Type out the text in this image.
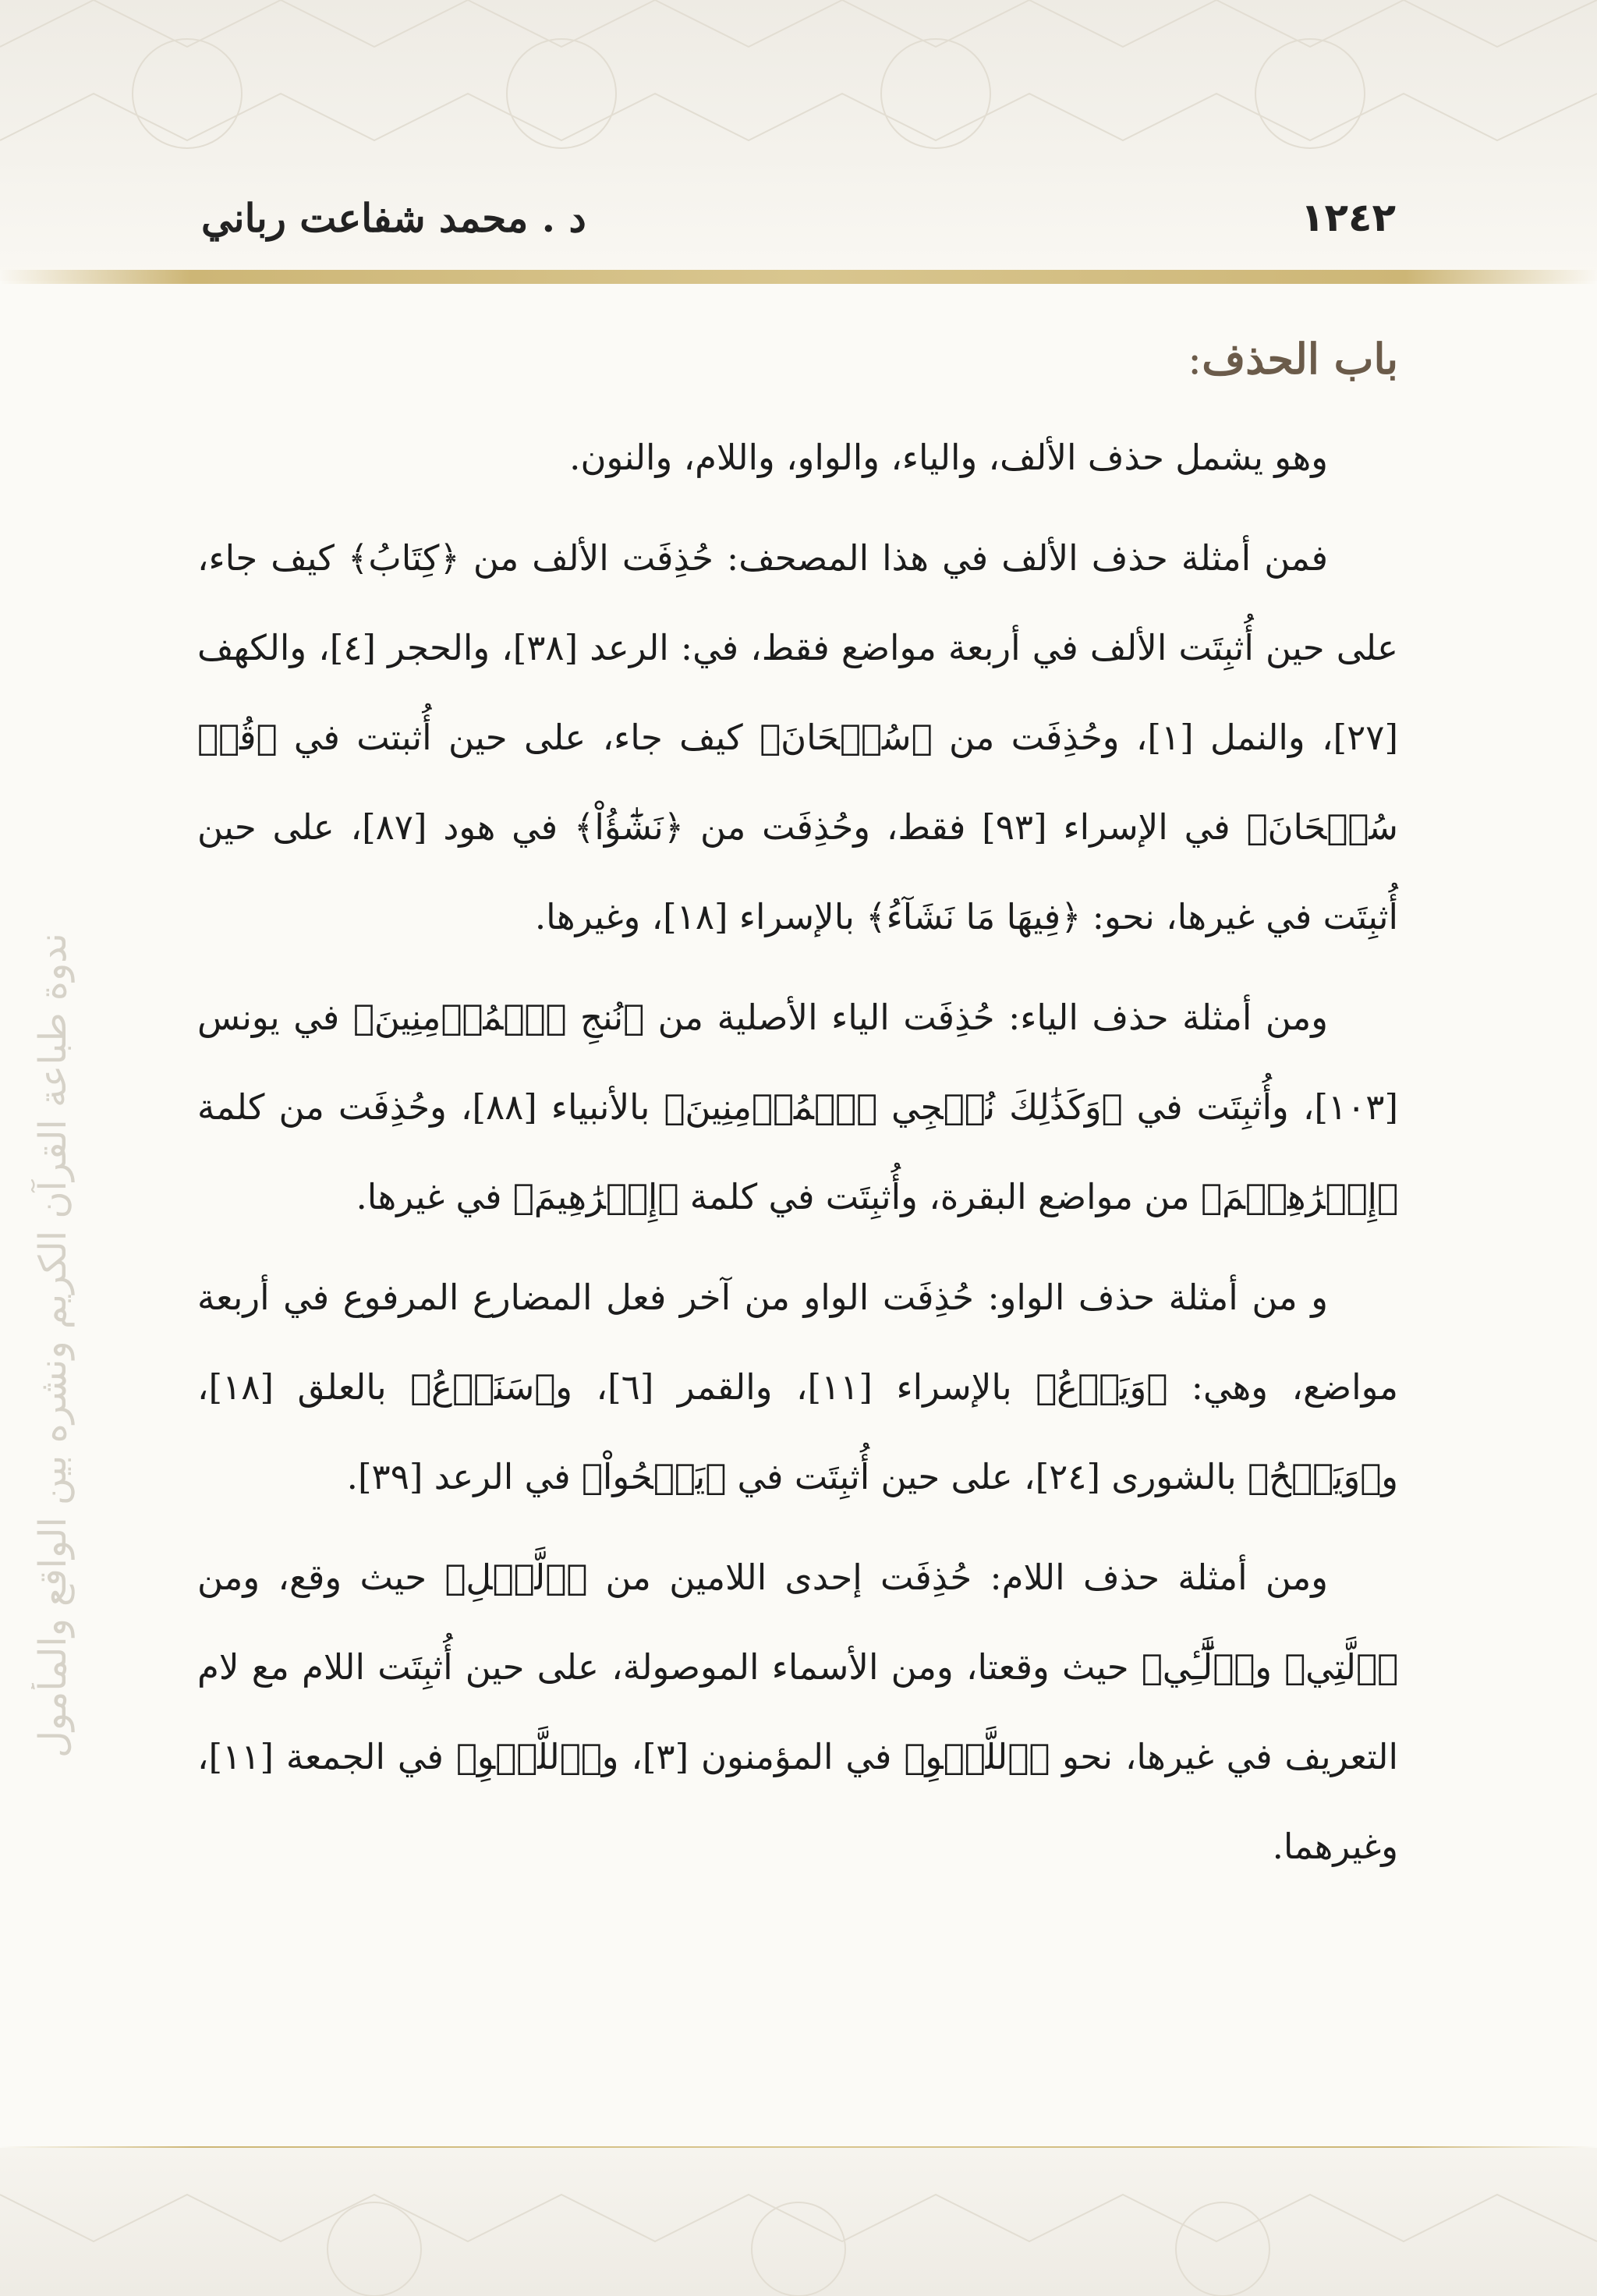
١٢٤٢
د . محمد شفاعت رباني
ندوة طباعة القرآن الكريم ونشره بين الواقع والمأمول
باب الحذف:

وهو يشمل حذف الألف، والياء، والواو، واللام، والنون.

فمن أمثلة حذف الألف في هذا المصحف: حُذِفَت الألف من ﴿كِتَابُ﴾ كيف جاء، على حين أُثبِتَت الألف في أربعة مواضع فقط، في: الرعد [٣٨]، والحجر [٤]، والكهف [٢٧]، والنمل [١]، وحُذِفَت من ﴿سُبۡحَانَ﴾ كيف جاء، على حين أُثبتت في ﴿قُلۡ سُبۡحَانَ﴾ في الإسراء [٩٣] فقط، وحُذِفَت من ﴿نَشَٰٓؤُاْ﴾ في هود [٨٧]، على حين أُثبِتَت في غيرها، نحو: ﴿فِيهَا مَا نَشَآءُ﴾ بالإسراء [١٨]، وغيرها.

ومن أمثلة حذف الياء: حُذِفَت الياء الأصلية من ﴿نُنجِ ٱلۡمُؤۡمِنِينَ﴾ في يونس [١٠٣]، وأُثبِتَت في ﴿وَكَذَٰلِكَ نُـۨجِي ٱلۡمُؤۡمِنِينَ﴾ بالأنبياء [٨٨]، وحُذِفَت من كلمة ﴿إِبۡرَٰهِـۧمَ﴾ من مواضع البقرة، وأُثبِتَت في كلمة ﴿إِبۡرَٰهِيمَ﴾ في غيرها.

و من أمثلة حذف الواو: حُذِفَت الواو من آخر فعل المضارع المرفوع في أربعة مواضع، وهي: ﴿وَيَدۡعُ﴾ بالإسراء [١١]، والقمر [٦]، و﴿سَنَدۡعُ﴾ بالعلق [١٨]، و﴿وَيَمۡحُ﴾ بالشورى [٢٤]، على حين أُثبِتَت في ﴿يَمۡحُواْ﴾ في الرعد [٣٩].

ومن أمثلة حذف اللام: حُذِفَت إحدى اللامين من ﴿ٱلَّيۡلِ﴾ حيث وقع، ومن ﴿ٱلَّتِي﴾ و﴿ٱلَّٰٓـِٔي﴾ حيث وقعتا، ومن الأسماء الموصولة، على حين أُثبِتَت اللام مع لام التعريف في غيرها، نحو ﴿ٱللَّغۡوِ﴾ في المؤمنون [٣]، و﴿ٱللَّهۡوِ﴾ في الجمعة [١١]، وغيرهما.
